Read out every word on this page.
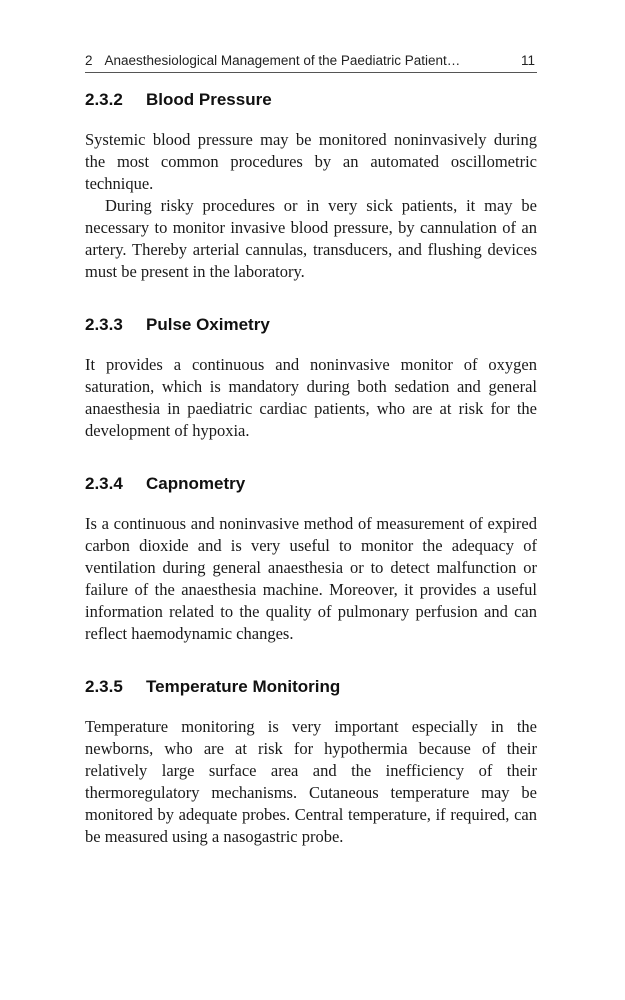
2 Anaesthesiological Management of the Paediatric Patient…	11
2.3.2 Blood Pressure

Systemic blood pressure may be monitored noninvasively during the most common procedures by an automated oscillometric technique.

During risky procedures or in very sick patients, it may be necessary to monitor invasive blood pressure, by cannulation of an artery. Thereby arterial cannulas, transducers, and flushing devices must be present in the laboratory.

2.3.3 Pulse Oximetry

It provides a continuous and noninvasive monitor of oxygen saturation, which is mandatory during both sedation and general anaesthesia in paediatric cardiac patients, who are at risk for the development of hypoxia.

2.3.4 Capnometry

Is a continuous and noninvasive method of measurement of expired carbon dioxide and is very useful to monitor the adequacy of ventilation during general anaesthesia or to detect malfunction or failure of the anaesthesia machine. Moreover, it provides a useful information related to the quality of pulmonary perfusion and can reflect haemodynamic changes.

2.3.5 Temperature Monitoring

Temperature monitoring is very important especially in the newborns, who are at risk for hypothermia because of their relatively large surface area and the inefficiency of their thermoregulatory mechanisms. Cutaneous temperature may be monitored by adequate probes. Central temperature, if required, can be measured using a nasogastric probe.
